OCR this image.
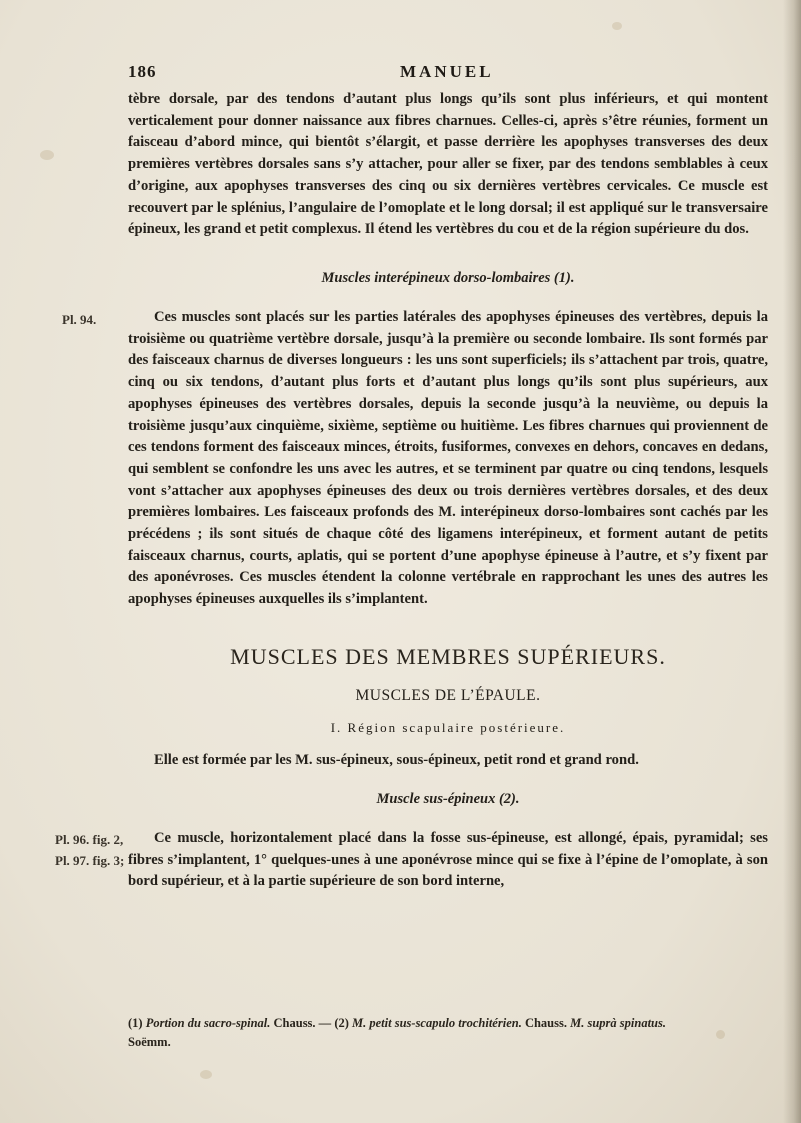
186	MANUEL

tèbre dorsale, par des tendons d’autant plus longs qu’ils sont plus inférieurs, et qui montent verticalement pour donner naissance aux fibres charnues. Celles-ci, après s’être réunies, forment un faisceau d’abord mince, qui bientôt s’élargit, et passe derrière les apophyses transverses des deux premières vertèbres dorsales sans s’y attacher, pour aller se fixer, par des tendons semblables à ceux d’origine, aux apophyses transverses des cinq ou six dernières vertèbres cervicales. Ce muscle est recouvert par le splénius, l’angulaire de l’omoplate et le long dorsal; il est appliqué sur le transversaire épineux, les grand et petit complexus. Il étend les vertèbres du cou et de la région supérieure du dos.

Muscles interépineux dorso-lombaires (1).
Pl. 94.	Ces muscles sont placés sur les parties latérales des apophyses épineuses des vertèbres, depuis la troisième ou quatrième vertèbre dorsale, jusqu’à la première ou seconde lombaire. Ils sont formés par des faisceaux charnus de diverses longueurs : les uns sont superficiels; ils s’attachent par trois, quatre, cinq ou six tendons, d’autant plus forts et d’autant plus longs qu’ils sont plus supérieurs, aux apophyses épineuses des vertèbres dorsales, depuis la seconde jusqu’à la neuvième, ou depuis la troisième jusqu’aux cinquième, sixième, septième ou huitième. Les fibres charnues qui proviennent de ces tendons forment des faisceaux minces, étroits, fusiformes, convexes en dehors, concaves en dedans, qui semblent se confondre les uns avec les autres, et se terminent par quatre ou cinq tendons, lesquels vont s’attacher aux apophyses épineuses des deux ou trois dernières vertèbres dorsales, et des deux premières lombaires. Les faisceaux profonds des M. interépineux dorso-lombaires sont cachés par les précédens ; ils sont situés de chaque côté des ligamens interépineux, et forment autant de petits faisceaux charnus, courts, aplatis, qui se portent d’une apophyse épineuse à l’autre, et s’y fixent par des aponévroses. Ces muscles étendent la colonne vertébrale en rapprochant les unes des autres les apophyses épineuses auxquelles ils s’implantent.

MUSCLES DES MEMBRES SUPÉRIEURS.
MUSCLES DE L’ÉPAULE.
I. Région scapulaire postérieure.

Elle est formée par les M. sus-épineux, sous-épineux, petit rond et grand rond.

Muscle sus-épineux (2).
Pl. 96. fig. 2,
Pl. 97. fig. 3;

Ce muscle, horizontalement placé dans la fosse sus-épineuse, est allongé, épais, pyramidal; ses fibres s’implantent, 1° quelques-unes à une aponévrose mince qui se fixe à l’épine de l’omoplate, à son bord supérieur, et à la partie supérieure de son bord interne,

(1) Portion du sacro-spinal. Chauss. — (2) M. petit sus-scapulo trochitérien. Chauss. M. suprà spinatus.
Soëmm.
